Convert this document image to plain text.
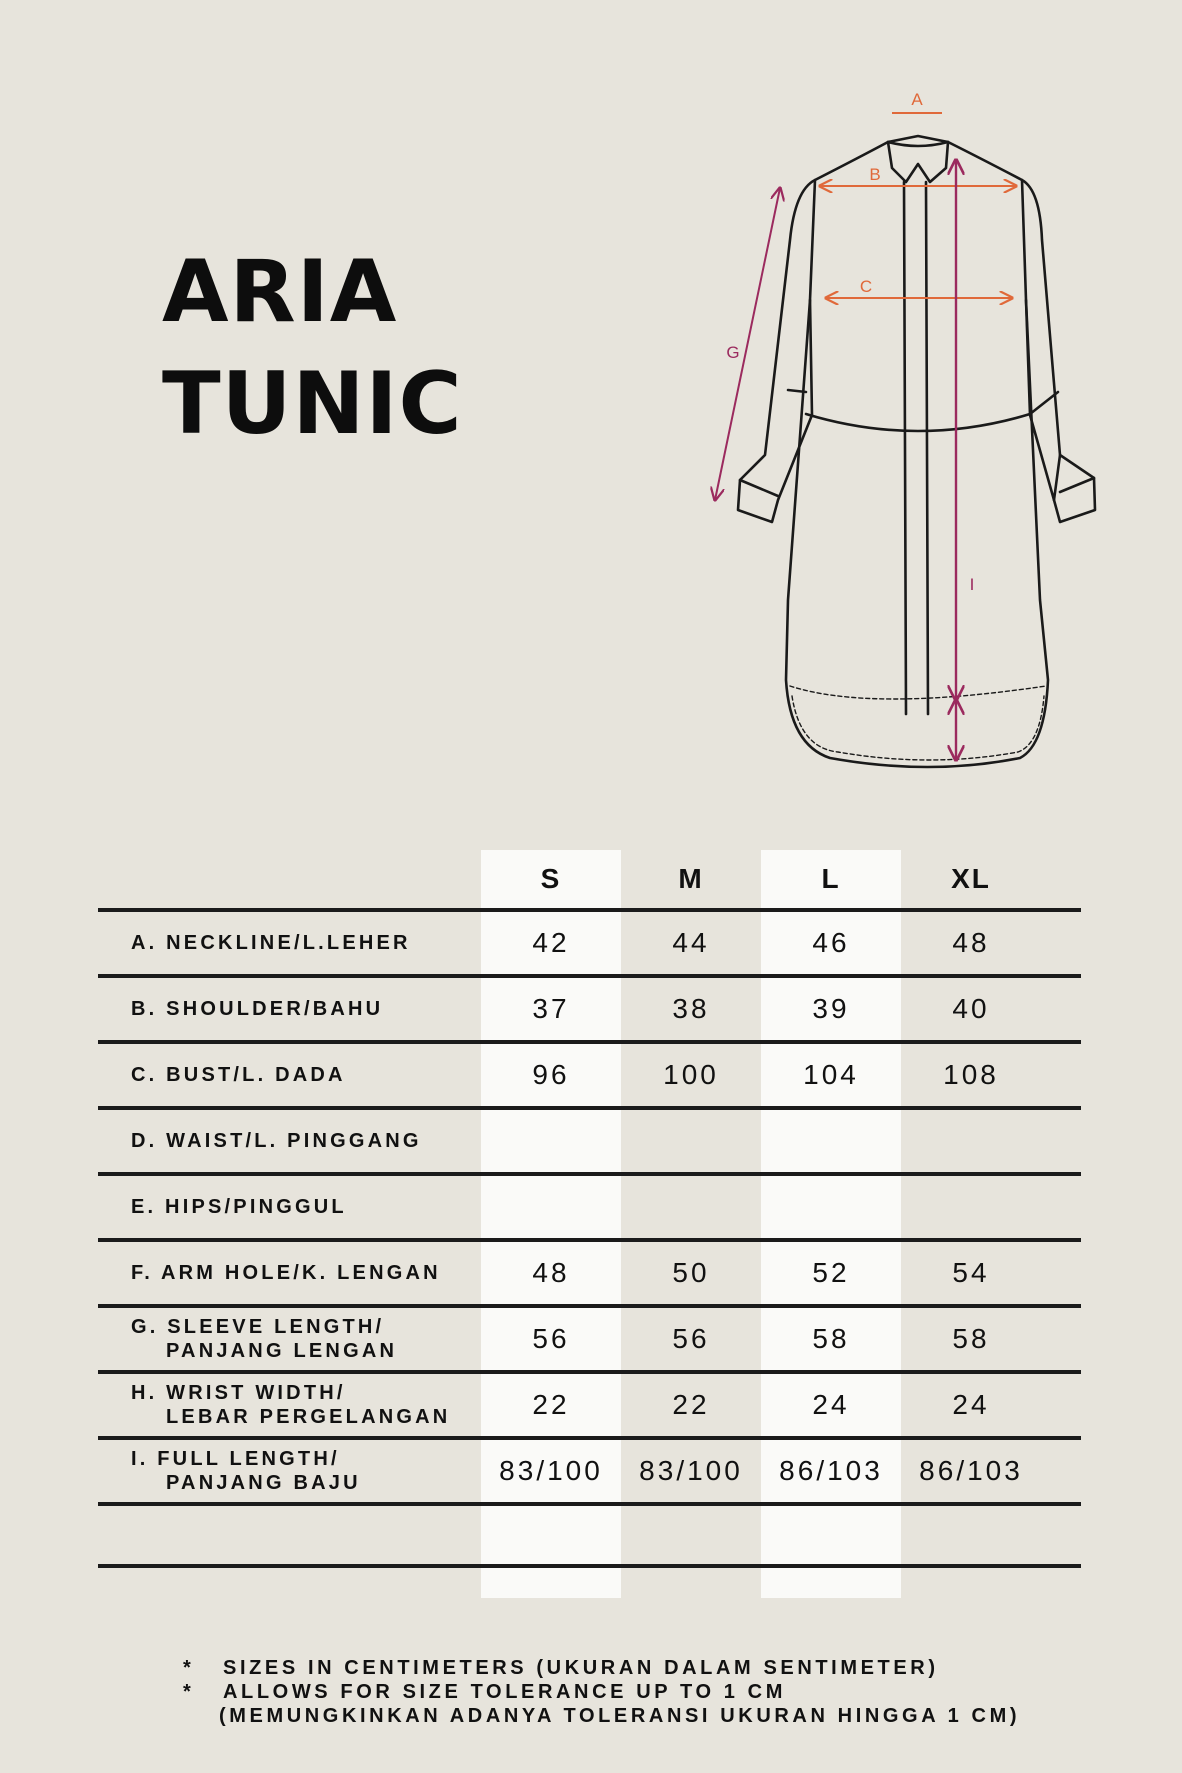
ARIA
TUNIC
A
B
C
G
I
S	M	L	XL
A. NECKLINE/L.LEHER	42	44	46	48
B. SHOULDER/BAHU	37	38	39	40
C. BUST/L. DADA	96	100	104	108
D. WAIST/L. PINGGANG
E. HIPS/PINGGUL
F. ARM HOLE/K. LENGAN	48	50	52	54
G. SLEEVE LENGTH/
PANJANG LENGAN	56	56	58	58
H. WRIST WIDTH/
LEBAR PERGELANGAN	22	22	24	24
I. FULL LENGTH/
PANJANG BAJU	83/100	83/100	86/103	86/103
* SIZES IN CENTIMETERS (UKURAN DALAM SENTIMETER)
* ALLOWS FOR SIZE TOLERANCE UP TO 1 CM
(MEMUNGKINKAN ADANYA TOLERANSI UKURAN HINGGA 1 CM)
